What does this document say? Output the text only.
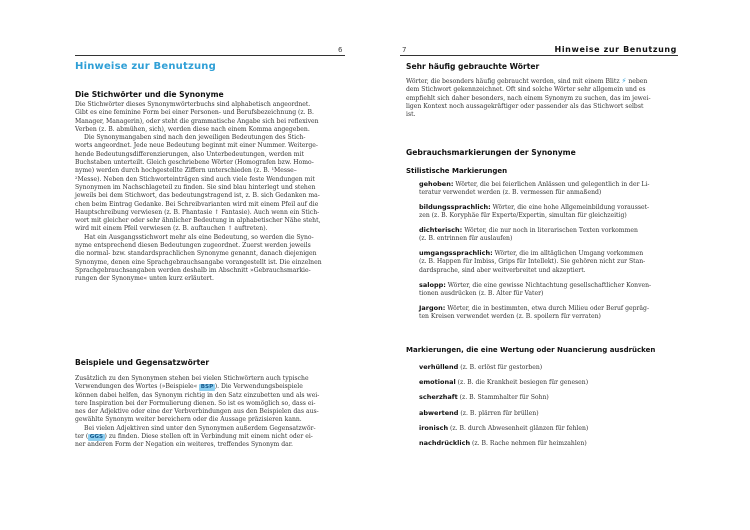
6
Hinweise zur Benutzung
Die Stichwörter und die Synonyme

Die Stichwörter dieses Synonymwörterbuchs sind alphabetisch angeordnet.

Gibt es eine feminine Form bei einer Personen- und Berufsbezeichnung (z. B.

Manager, Managerin), oder steht die grammatische Angabe sich bei reflexiven

Verben (z. B. abmühen, sich), werden diese nach einem Komma angegeben.

Die Synonymangaben sind nach den jeweiligen Bedeutungen des Stich-

worts angeordnet. Jede neue Bedeutung beginnt mit einer Nummer. Weiterge-

hende Bedeutungsdifferenzierungen, also Unterbedeutungen, werden mit

Buchstaben unterteilt. Gleich geschriebene Wörter (Homografen bzw. Homo-

nyme) werden durch hochgestellte Ziffern unterschieden (z. B. ¹Messe–

²Messe). Neben den Stichworteinträgen sind auch viele feste Wendungen mit

Synonymen im Nachschlageteil zu finden. Sie sind blau hinterlegt und stehen

jeweils bei dem Stichwort, das bedeutungstragend ist, z. B. sich Gedanken ma-

chen beim Eintrag Gedanke. Bei Schreibvarianten wird mit einem Pfeil auf die

Hauptschreibung verwiesen (z. B. Phantasie ↑ Fantasie). Auch wenn ein Stich-

wort mit gleicher oder sehr ähnlicher Bedeutung in alphabetischer Nähe steht,

wird mit einem Pfeil verwiesen (z. B. auftauchen ↑ auftreten).

Hat ein Ausgangsstichwort mehr als eine Bedeutung, so werden die Syno-

nyme entsprechend diesen Bedeutungen zugeordnet. Zuerst werden jeweils

die normal- bzw. standardsprachlichen Synonyme genannt, danach diejenigen

Synonyme, denen eine Sprachgebrauchsangabe vorangestellt ist. Die einzelnen

Sprachgebrauchsangaben werden deshalb im Abschnitt »Gebrauchsmarkie-

rungen der Synonyme« unten kurz erläutert.

Beispiele und Gegensatzwörter

Zusätzlich zu den Synonymen stehen bei vielen Stichwörtern auch typische

Verwendungen des Wortes (»Beispiele« BSP ). Die Verwendungsbeispiele

können dabei helfen, das Synonym richtig in den Satz einzubetten und als wei-

tere Inspiration bei der Formulierung dienen. So ist es womöglich so, dass ei-

nes der Adjektive oder eine der Verbverbindungen aus den Beispielen das aus-

gewählte Synonym weiter bereichern oder die Aussage präzisieren kann.

Bei vielen Adjektiven sind unter den Synonymen außerdem Gegensatzwör-

ter ( GGS ) zu finden. Diese stellen oft in Verbindung mit einem nicht oder ei-

ner anderen Form der Negation ein weiteres, treffendes Synonym dar.

7	Hinweise zur Benutzung
Sehr häufig gebrauchte Wörter

Wörter, die besonders häufig gebraucht werden, sind mit einem Blitz ⚡ neben

dem Stichwort gekennzeichnet. Oft sind solche Wörter sehr allgemein und es

empfiehlt sich daher besonders, nach einem Synonym zu suchen, das im jewei-

ligen Kontext noch aussagekräftiger oder passender als das Stichwort selbst

ist.

Gebrauchsmarkierungen der Synonyme
Stilistische Markierungen

gehoben: Wörter, die bei feierlichen Anlässen und gelegentlich in der Li-

teratur verwendet werden (z. B. vermessen für anmaßend)

bildungssprachlich: Wörter, die eine hohe Allgemeinbildung vorausset-

zen (z. B. Koryphäe für Experte/Expertin, simultan für gleichzeitig)

dichterisch: Wörter, die nur noch in literarischen Texten vorkommen

(z. B. entrinnen für auslaufen)

umgangssprachlich: Wörter, die im alltäglichen Umgang vorkommen

(z. B. Happen für Imbiss, Grips für Intellekt). Sie gehören nicht zur Stan-

dardsprache, sind aber weitverbreitet und akzeptiert.

salopp: Wörter, die eine gewisse Nichtachtung gesellschaftlicher Konven-

tionen ausdrücken (z. B. Alter für Vater)

Jargon: Wörter, die in bestimmten, etwa durch Milieu oder Beruf gepräg-

ten Kreisen verwendet werden (z. B. spoilern für verraten)

Markierungen, die eine Wertung oder Nuancierung ausdrücken

verhüllend (z. B. erlöst für gestorben)

emotional (z. B. die Krankheit besiegen für genesen)

scherzhaft (z. B. Stammhalter für Sohn)

abwertend (z. B. plärren für brüllen)

ironisch (z. B. durch Abwesenheit glänzen für fehlen)

nachdrücklich (z. B. Rache nehmen für heimzahlen)
